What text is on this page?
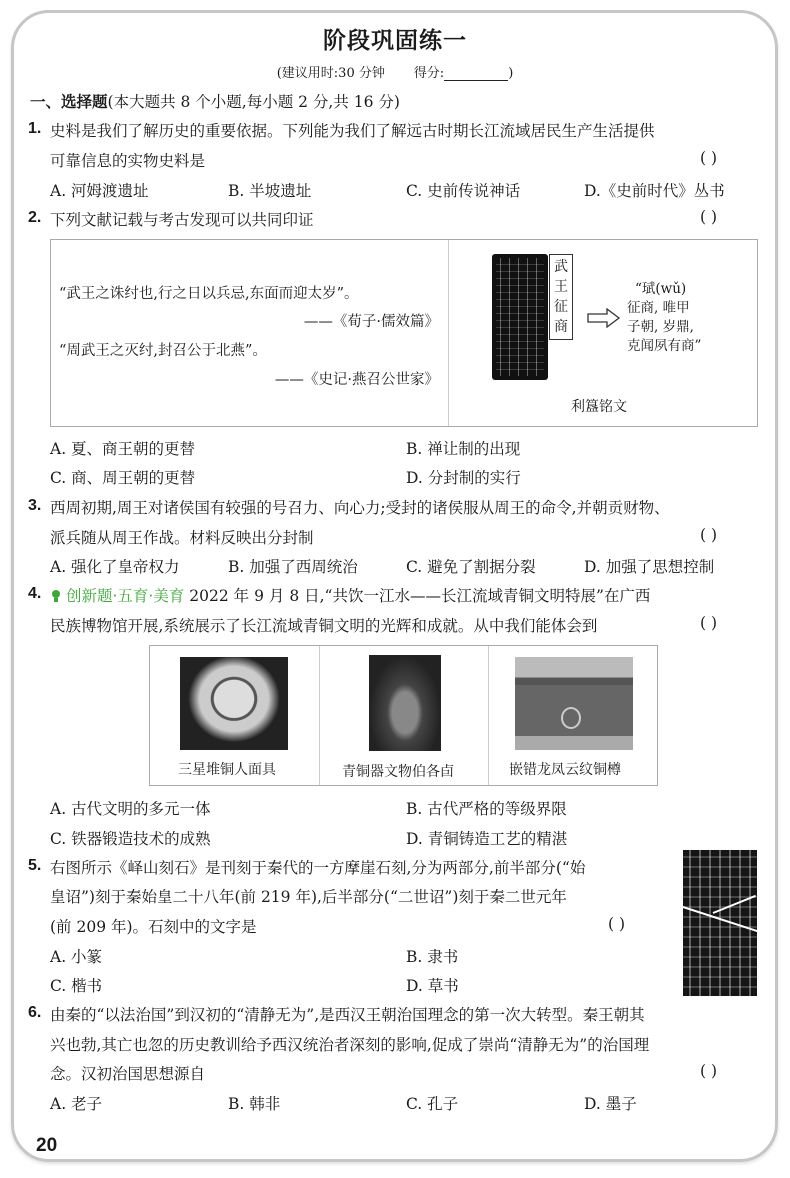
阶段巩固练一
(建议用时:30 分钟 得分:	)
一、选择题(本大题共 8 个小题,每小题 2 分,共 16 分)
1. 史料是我们了解历史的重要依据。下列能为我们了解远古时期长江流域居民生产生活提供
可靠信息的实物史料是	( )
A. 河姆渡遗址	B. 半坡遗址	C. 史前传说神话	D.《史前时代》丛书
2. 下列文献记载与考古发现可以共同印证	( )
“武王之诛纣也,行之日以兵忌,东面而迎太岁”。
——《荀子·儒效篇》
“周武王之灭纣,封召公于北燕”。
——《史记·燕召公世家》
武
王
征
商
“珷(wǔ)
征商, 唯甲
子朝, 岁鼎,
克闻夙有商”
利簋铭文
A. 夏、商王朝的更替	B. 禅让制的出现
C. 商、周王朝的更替	D. 分封制的实行
3. 西周初期,周王对诸侯国有较强的号召力、向心力;受封的诸侯服从周王的命令,并朝贡财物、
派兵随从周王作战。材料反映出分封制	( )
A. 强化了皇帝权力	B. 加强了西周统治	C. 避免了割据分裂	D. 加强了思想控制
4.	创新题·五育·美育 2022 年 9 月 8 日,“共饮一江水——长江流域青铜文明特展”在广西
民族博物馆开展,系统展示了长江流域青铜文明的光辉和成就。从中我们能体会到	( )
三星堆铜人面具	青铜器文物伯各卣	嵌错龙凤云纹铜樽
A. 古代文明的多元一体	B. 古代严格的等级界限
C. 铁器锻造技术的成熟	D. 青铜铸造工艺的精湛
5. 右图所示《峄山刻石》是刊刻于秦代的一方摩崖石刻,分为两部分,前半部分(“始
皇诏”)刻于秦始皇二十八年(前 219 年),后半部分(“二世诏”)刻于秦二世元年
(前 209 年)。石刻中的文字是	( )
A. 小篆	B. 隶书
C. 楷书	D. 草书
6. 由秦的“以法治国”到汉初的“清静无为”,是西汉王朝治国理念的第一次大转型。秦王朝其
兴也勃,其亡也忽的历史教训给予西汉统治者深刻的影响,促成了崇尚“清静无为”的治国理
念。汉初治国思想源自	( )
A. 老子	B. 韩非	C. 孔子	D. 墨子
20
